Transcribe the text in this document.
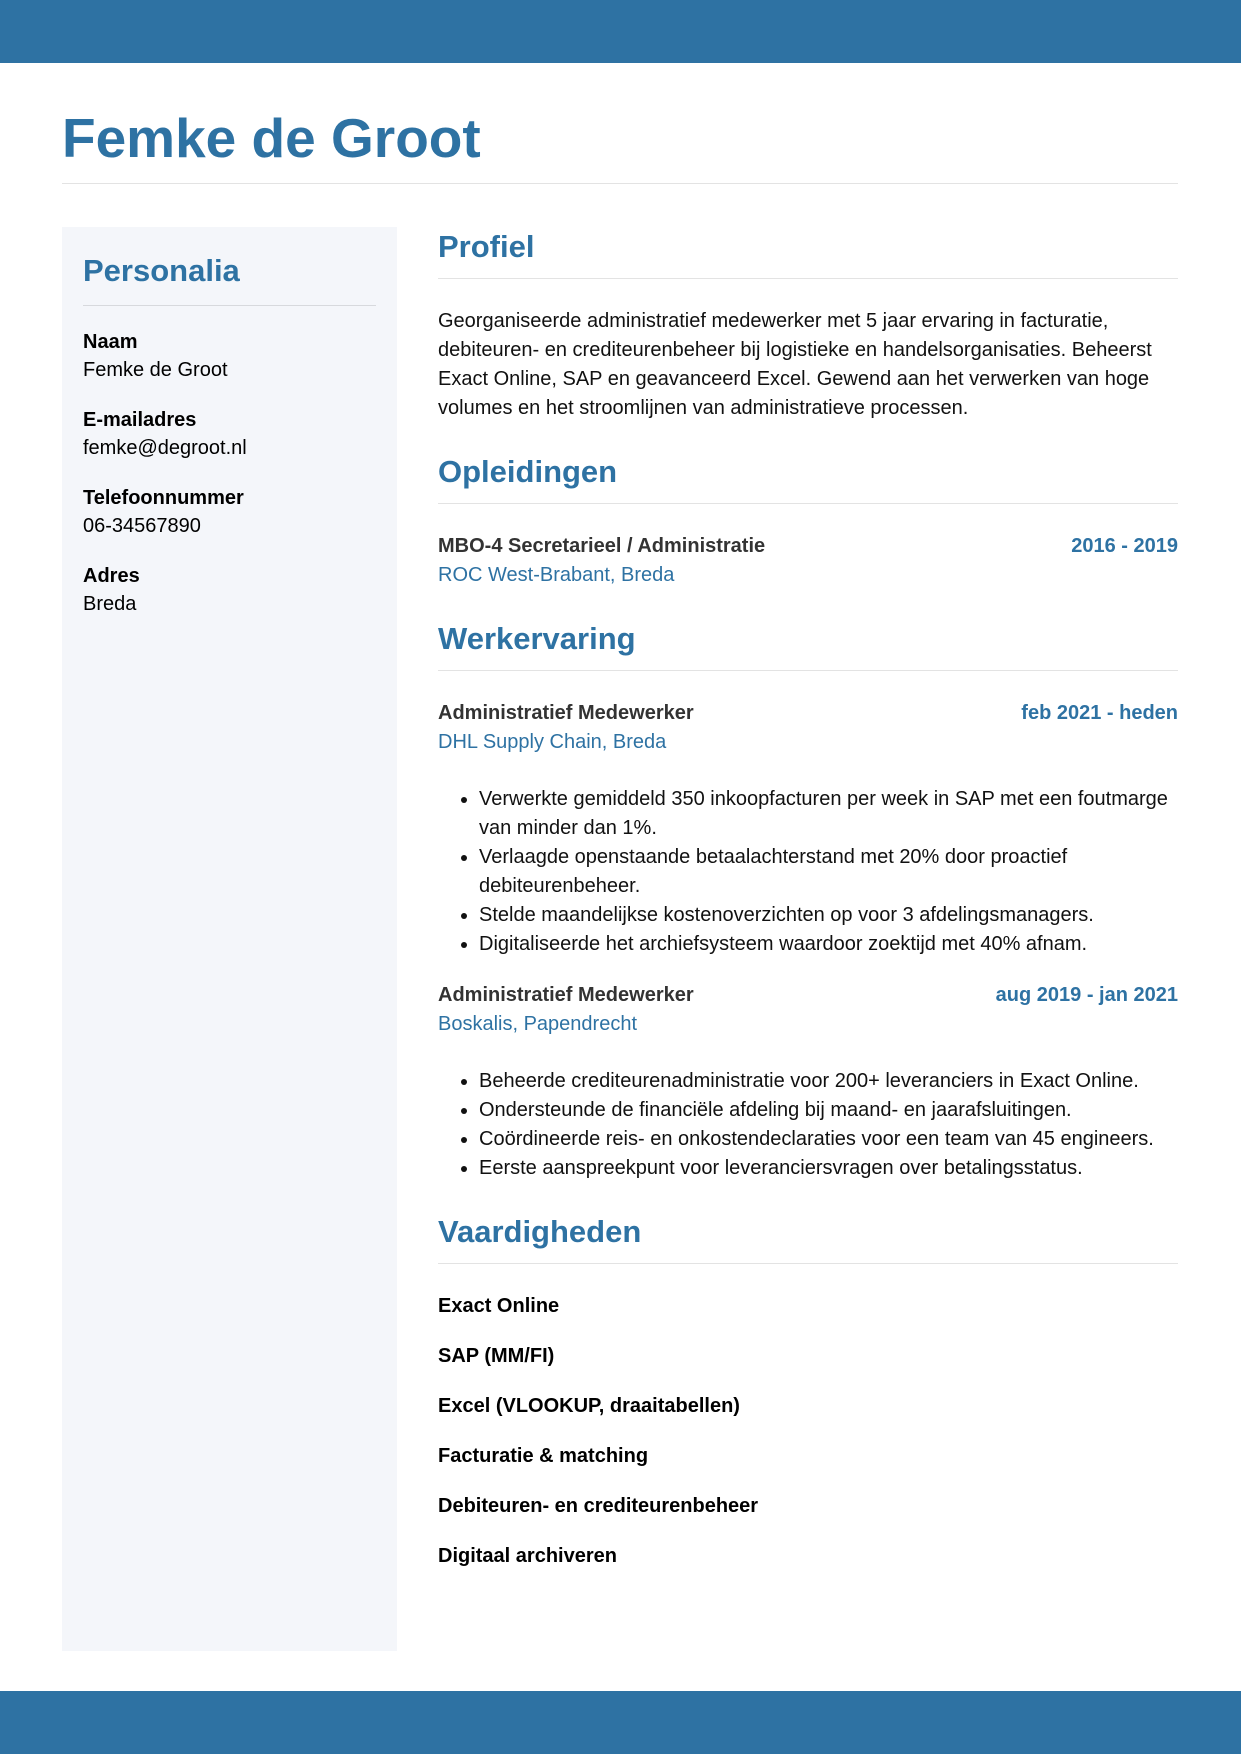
Femke de Groot
Personalia
Naam
Femke de Groot
E-mailadres
femke@degroot.nl
Telefoonnummer
06-34567890
Adres
Breda
Profiel

Georganiseerde administratief medewerker met 5 jaar ervaring in facturatie, debiteuren- en crediteurenbeheer bij logistieke en handelsorganisaties. Beheerst Exact Online, SAP en geavanceerd Excel. Gewend aan het verwerken van hoge volumes en het stroomlijnen van administratieve processen.

Opleidingen
MBO-4 Secretarieel / Administratie	2016 - 2019
ROC West-Brabant, Breda
Werkervaring
Administratief Medewerker	feb 2021 - heden
DHL Supply Chain, Breda
• Verwerkte gemiddeld 350 inkoopfacturen per week in SAP met een foutmarge van minder dan 1%.
• Verlaagde openstaande betaalachterstand met 20% door proactief debiteurenbeheer.
• Stelde maandelijkse kostenoverzichten op voor 3 afdelingsmanagers.
• Digitaliseerde het archiefsysteem waardoor zoektijd met 40% afnam.
Administratief Medewerker	aug 2019 - jan 2021
Boskalis, Papendrecht
• Beheerde crediteurenadministratie voor 200+ leveranciers in Exact Online.
• Ondersteunde de financiële afdeling bij maand- en jaarafsluitingen.
• Coördineerde reis- en onkostendeclaraties voor een team van 45 engineers.
• Eerste aanspreekpunt voor leveranciersvragen over betalingsstatus.
Vaardigheden
Exact Online
SAP (MM/FI)
Excel (VLOOKUP, draaitabellen)
Facturatie & matching
Debiteuren- en crediteurenbeheer
Digitaal archiveren
